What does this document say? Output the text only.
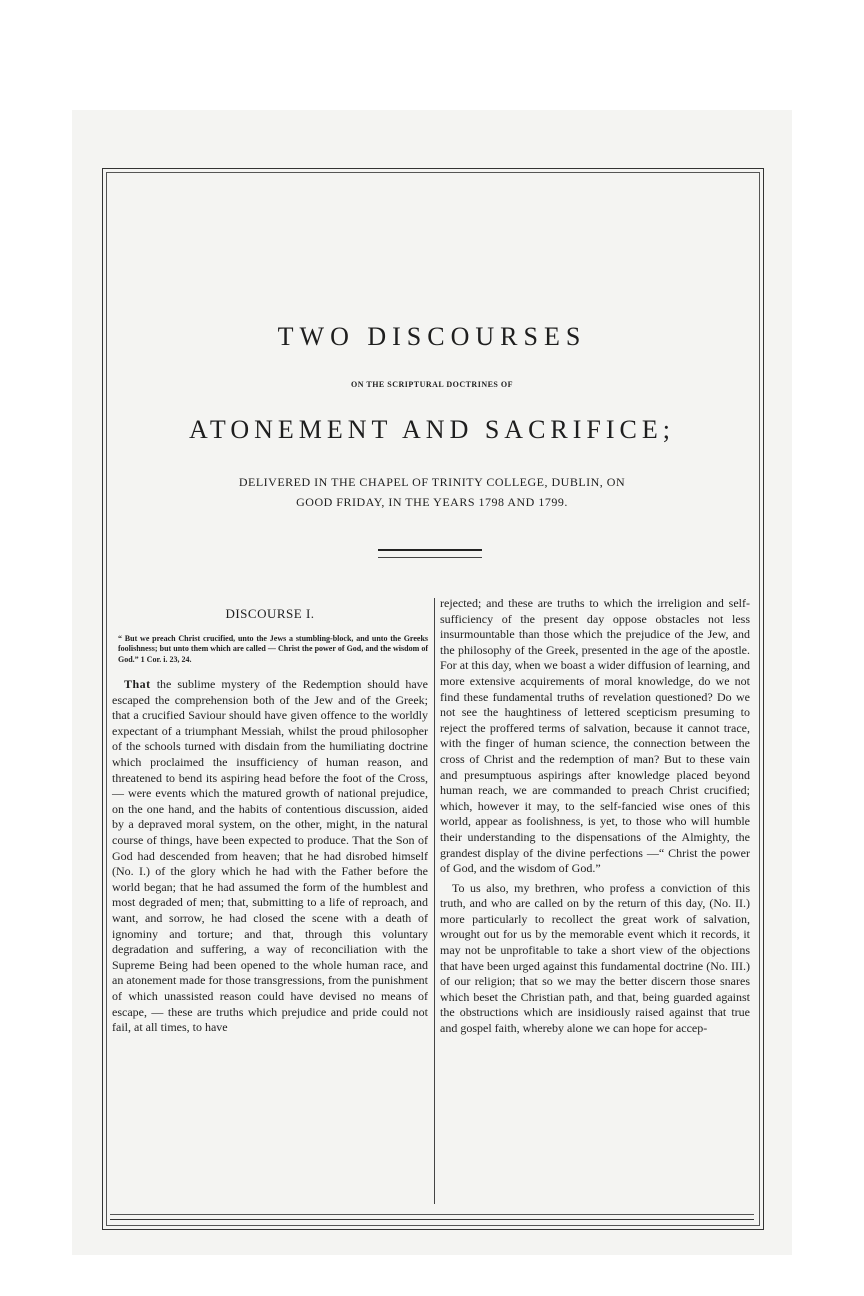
TWO DISCOURSES

ON THE SCRIPTURAL DOCTRINES OF

ATONEMENT AND SACRIFICE;

DELIVERED IN THE CHAPEL OF TRINITY COLLEGE, DUBLIN, ON
GOOD FRIDAY, IN THE YEARS 1798 AND 1799.

DISCOURSE I.

“ But we preach Christ crucified, unto the Jews a stumbling-block, and unto the Greeks foolishness; but unto them which are called — Christ the power of God, and the wisdom of God.” 1 Cor. i. 23, 24.

That the sublime mystery of the Redemption should have escaped the comprehension both of the Jew and of the Greek; that a crucified Saviour should have given offence to the worldly expectant of a triumphant Messiah, whilst the proud philosopher of the schools turned with disdain from the humiliating doctrine which proclaimed the insufficiency of human reason, and threatened to bend its aspiring head before the foot of the Cross, — were events which the matured growth of national prejudice, on the one hand, and the habits of contentious discussion, aided by a depraved moral system, on the other, might, in the natural course of things, have been expected to produce. That the Son of God had descended from heaven; that he had disrobed himself (No. I.) of the glory which he had with the Father before the world began; that he had assumed the form of the humblest and most degraded of men; that, submitting to a life of reproach, and want, and sorrow, he had closed the scene with a death of ignominy and torture; and that, through this voluntary degradation and suffering, a way of reconciliation with the Supreme Being had been opened to the whole human race, and an atonement made for those transgressions, from the punishment of which unassisted reason could have devised no means of escape, — these are truths which prejudice and pride could not fail, at all times, to have

rejected; and these are truths to which the irreligion and self-sufficiency of the present day oppose obstacles not less insurmountable than those which the prejudice of the Jew, and the philosophy of the Greek, presented in the age of the apostle. For at this day, when we boast a wider diffusion of learning, and more extensive acquirements of moral knowledge, do we not find these fundamental truths of revelation questioned? Do we not see the haughtiness of lettered scepticism presuming to reject the proffered terms of salvation, because it cannot trace, with the finger of human science, the connection between the cross of Christ and the redemption of man? But to these vain and presumptuous aspirings after knowledge placed beyond human reach, we are commanded to preach Christ crucified; which, however it may, to the self-fancied wise ones of this world, appear as foolishness, is yet, to those who will humble their understanding to the dispensations of the Almighty, the grandest display of the divine perfections —“ Christ the power of God, and the wisdom of God.”

To us also, my brethren, who profess a conviction of this truth, and who are called on by the return of this day, (No. II.) more particularly to recollect the great work of salvation, wrought out for us by the memorable event which it records, it may not be unprofitable to take a short view of the objections that have been urged against this fundamental doctrine (No. III.) of our religion; that so we may the better discern those snares which beset the Christian path, and that, being guarded against the obstructions which are insidiously raised against that true and gospel faith, whereby alone we can hope for accep-
